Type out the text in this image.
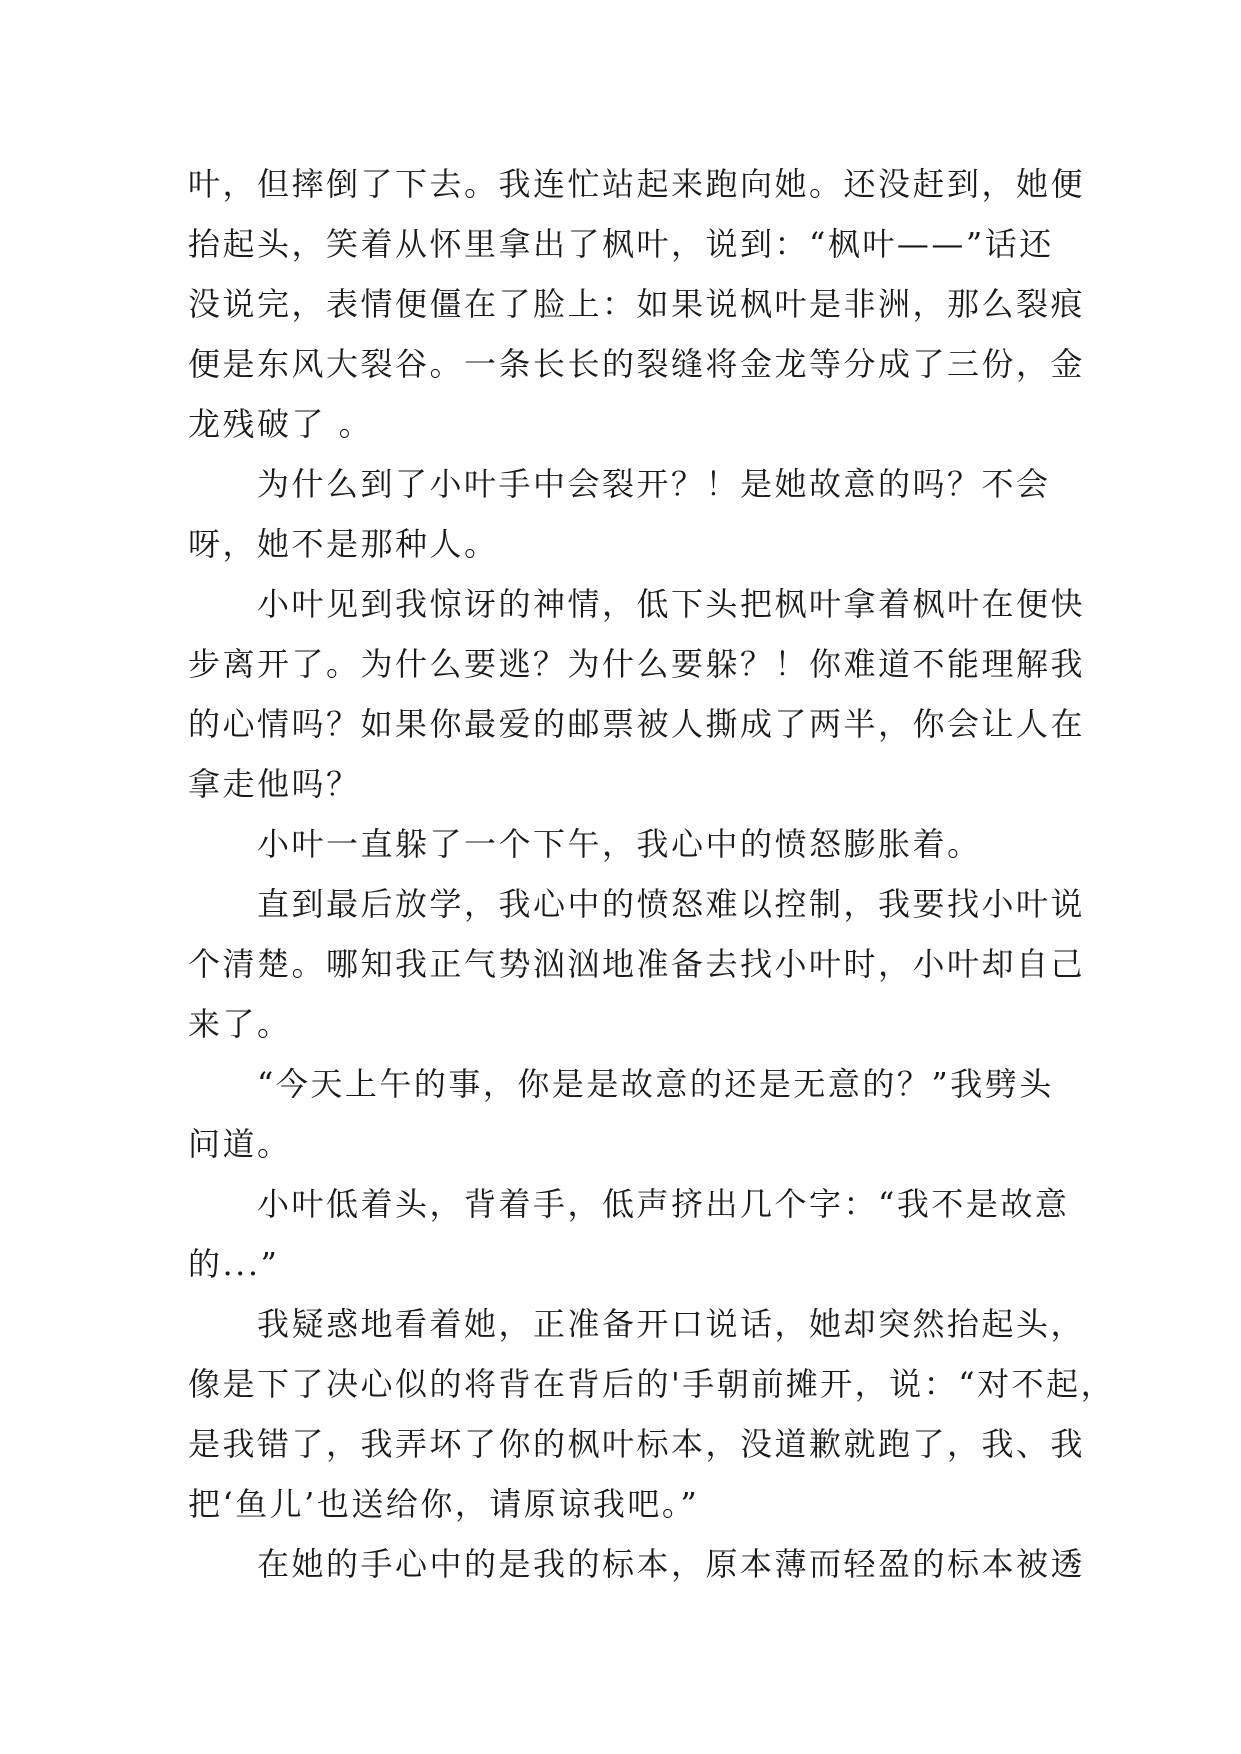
叶，但摔倒了下去。我连忙站起来跑向她。还没赶到，她便
抬起头，笑着从怀里拿出了枫叶，说到：“枫叶——”话还
没说完，表情便僵在了脸上：如果说枫叶是非洲，那么裂痕
便是东风大裂谷。一条长长的裂缝将金龙等分成了三份，金
龙残破了 。
　　为什么到了小叶手中会裂开？！是她故意的吗？不会
呀，她不是那种人。
　　小叶见到我惊讶的神情，低下头把枫叶拿着枫叶在便快
步离开了。为什么要逃？为什么要躲？！你难道不能理解我
的心情吗？如果你最爱的邮票被人撕成了两半，你会让人在
拿走他吗？
　　小叶一直躲了一个下午，我心中的愤怒膨胀着。
　　直到最后放学，我心中的愤怒难以控制，我要找小叶说
个清楚。哪知我正气势汹汹地准备去找小叶时，小叶却自己
来了。
　　“今天上午的事，你是是故意的还是无意的？”我劈头
问道。
　　小叶低着头，背着手，低声挤出几个字：“我不是故意
的...”
　　我疑惑地看着她，正准备开口说话，她却突然抬起头，
像是下了决心似的将背在背后的'手朝前摊开，说：“对不起，
是我错了，我弄坏了你的枫叶标本，没道歉就跑了，我、我
把‘鱼儿’也送给你，请原谅我吧。”
　　在她的手心中的是我的标本，原本薄而轻盈的标本被透
